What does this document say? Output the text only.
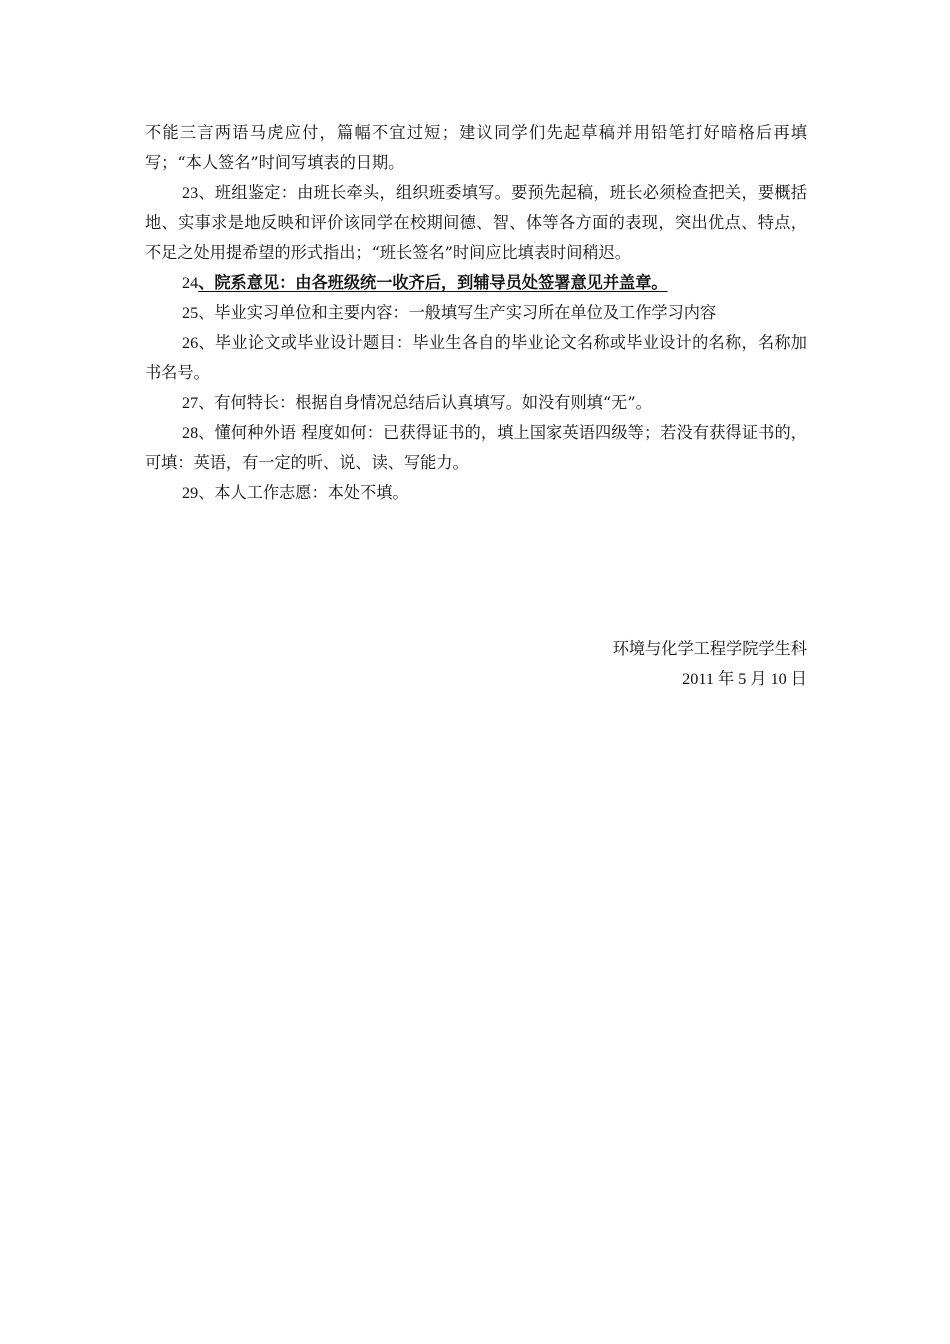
不能三言两语马虎应付，篇幅不宜过短；建议同学们先起草稿并用铅笔打好暗格后再填写；“本人签名”时间写填表的日期。

23、班组鉴定：由班长牵头，组织班委填写。要预先起稿，班长必须检查把关，要概括地、实事求是地反映和评价该同学在校期间德、智、体等各方面的表现，突出优点、特点，不足之处用提希望的形式指出；“班长签名”时间应比填表时间稍迟。

24、院系意见：由各班级统一收齐后，到辅导员处签署意见并盖章。

25、毕业实习单位和主要内容：一般填写生产实习所在单位及工作学习内容

26、毕业论文或毕业设计题目：毕业生各自的毕业论文名称或毕业设计的名称，名称加书名号。

27、有何特长：根据自身情况总结后认真填写。如没有则填“无”。

28、懂何种外语 程度如何：已获得证书的，填上国家英语四级等；若没有获得证书的，可填：英语，有一定的听、说、读、写能力。

29、本人工作志愿：本处不填。

环境与化学工程学院学生科
2011 年 5 月 10 日
